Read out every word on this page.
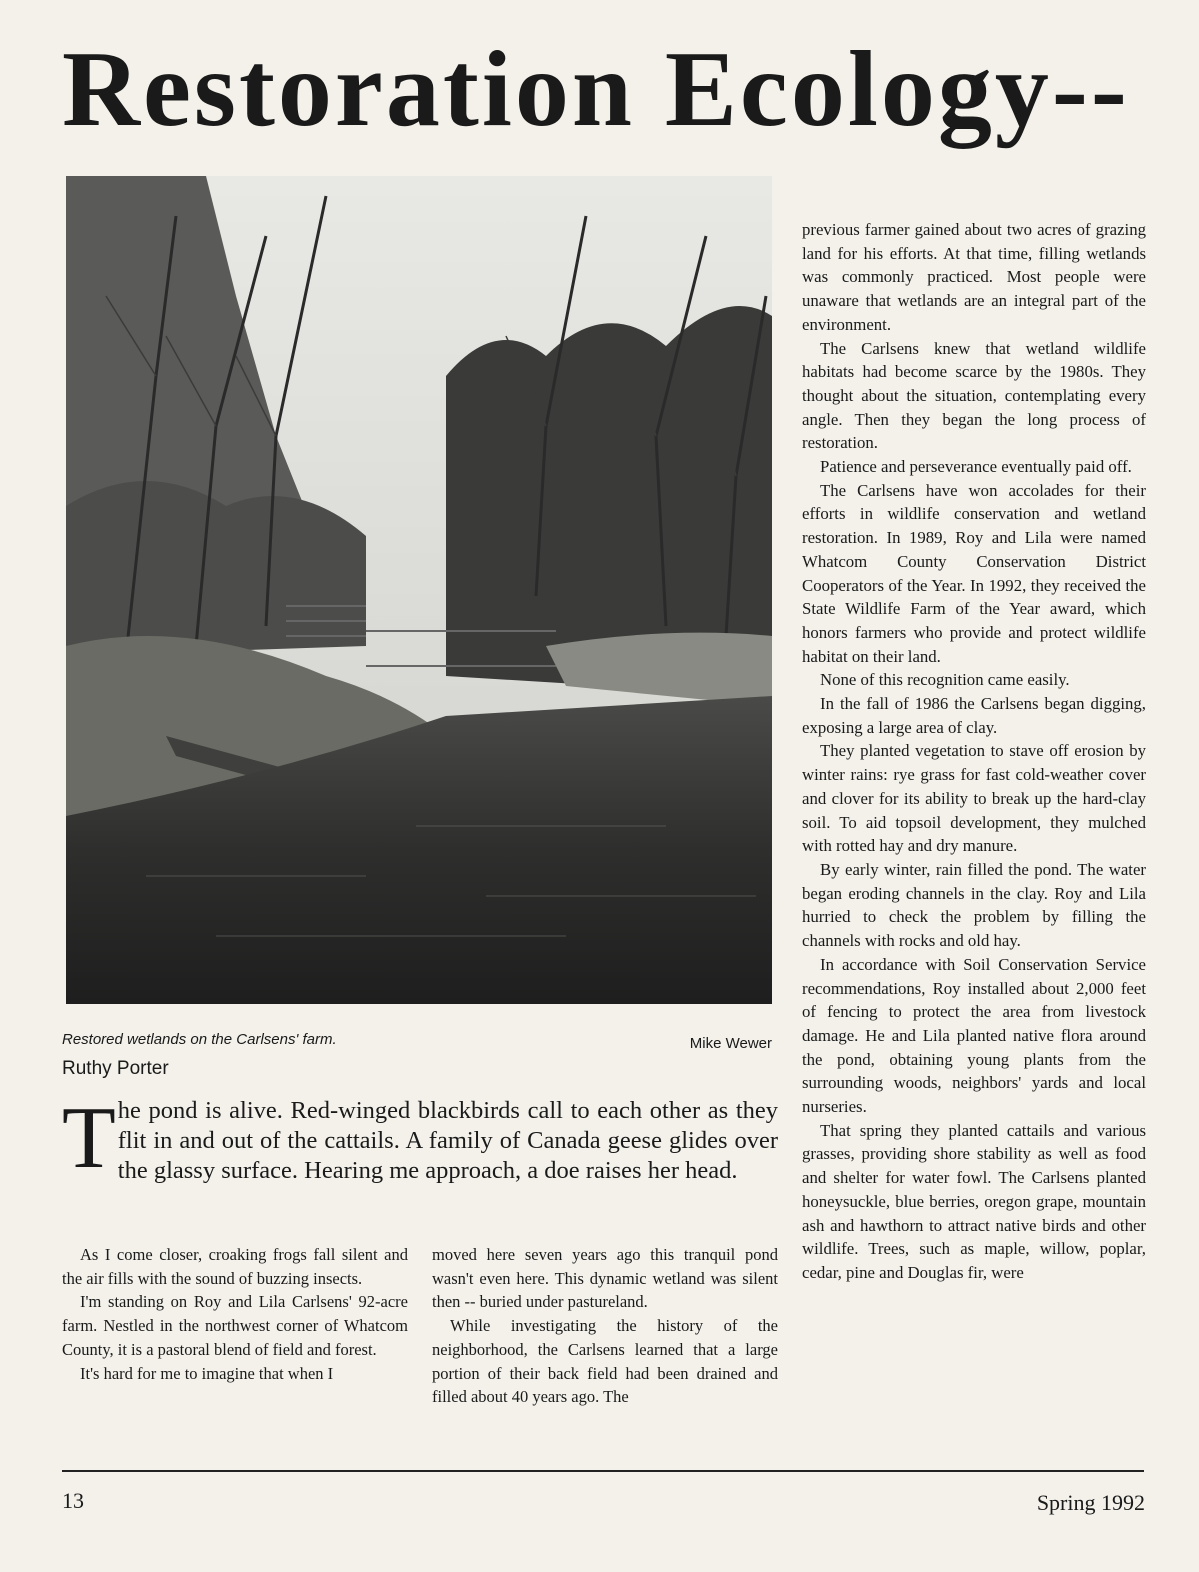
Restoration Ecology--
Restored wetlands on the Carlsens' farm.	Mike Wewer
Ruthy Porter

The pond is alive. Red-winged blackbirds call to each other as they flit in and out of the cattails. A family of Canada geese glides over the glassy surface. Hearing me approach, a doe raises her head.

As I come closer, croaking frogs fall silent and the air fills with the sound of buzzing insects.

I'm standing on Roy and Lila Carlsens' 92-acre farm. Nestled in the northwest corner of Whatcom County, it is a pastoral blend of field and forest.

It's hard for me to imagine that when I

moved here seven years ago this tranquil pond wasn't even here. This dynamic wetland was silent then -- buried under pastureland.

While investigating the history of the neighborhood, the Carlsens learned that a large portion of their back field had been drained and filled about 40 years ago. The

previous farmer gained about two acres of grazing land for his efforts. At that time, filling wetlands was commonly practiced. Most people were unaware that wetlands are an integral part of the environment.

The Carlsens knew that wetland wildlife habitats had become scarce by the 1980s. They thought about the situation, contemplating every angle. Then they began the long process of restoration.

Patience and perseverance eventually paid off.

The Carlsens have won accolades for their efforts in wildlife conservation and wetland restoration. In 1989, Roy and Lila were named Whatcom County Conservation District Cooperators of the Year. In 1992, they received the State Wildlife Farm of the Year award, which honors farmers who provide and protect wildlife habitat on their land.

None of this recognition came easily.

In the fall of 1986 the Carlsens began digging, exposing a large area of clay.

They planted vegetation to stave off erosion by winter rains: rye grass for fast cold-weather cover and clover for its ability to break up the hard-clay soil. To aid topsoil development, they mulched with rotted hay and dry manure.

By early winter, rain filled the pond. The water began eroding channels in the clay. Roy and Lila hurried to check the problem by filling the channels with rocks and old hay.

In accordance with Soil Conservation Service recommendations, Roy installed about 2,000 feet of fencing to protect the area from livestock damage. He and Lila planted native flora around the pond, obtaining young plants from the surrounding woods, neighbors' yards and local nurseries.

That spring they planted cattails and various grasses, providing shore stability as well as food and shelter for water fowl. The Carlsens planted honeysuckle, blue berries, oregon grape, mountain ash and hawthorn to attract native birds and other wildlife. Trees, such as maple, willow, poplar, cedar, pine and Douglas fir, were

13	Spring 1992
